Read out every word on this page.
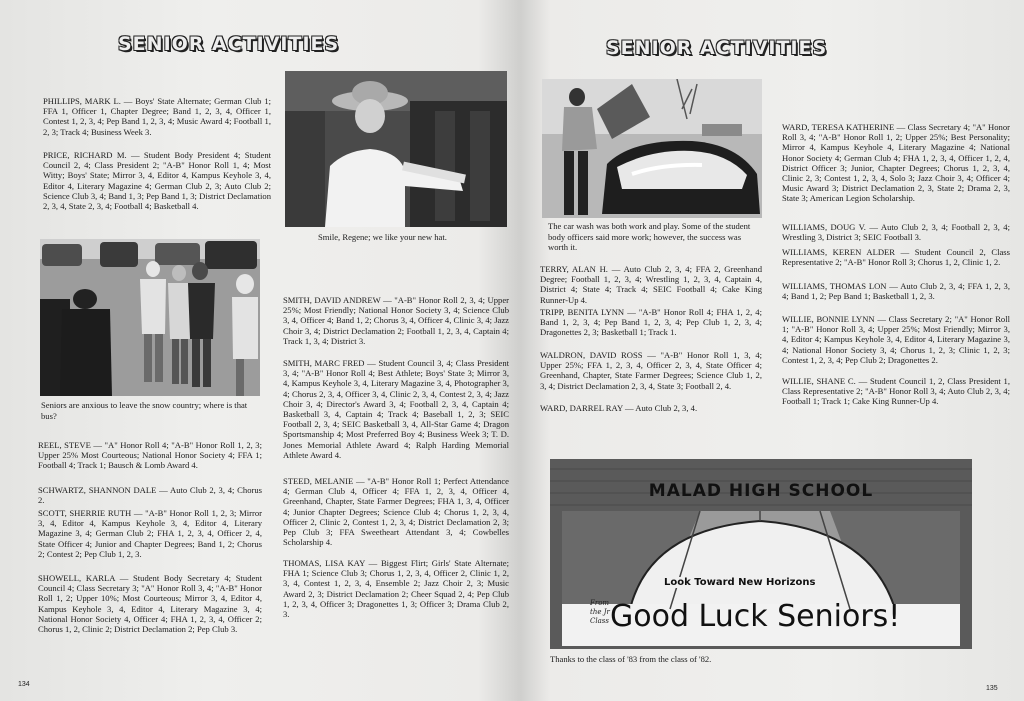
SENIOR ACTIVITIES
PHILLIPS, MARK L. — Boys' State Alternate; German Club 1; FFA 1, Officer 1, Chapter Degree; Band 1, 2, 3, 4, Officer 1, Contest 1, 2, 3, 4; Pep Band 1, 2, 3, 4; Music Award 4; Football 1, 2, 3; Track 4; Business Week 3.
PRICE, RICHARD M. — Student Body President 4; Student Council 2, 4; Class President 2; "A-B" Honor Roll 1, 4; Most Witty; Boys' State; Mirror 3, 4, Editor 4, Kampus Keyhole 3, 4, Editor 4, Literary Magazine 4; German Club 2, 3; Auto Club 2; Science Club 3, 4; Band 1, 3; Pep Band 1, 3; District Declamation 2, 3, 4, State 2, 3, 4; Football 4; Basketball 4.
Smile, Regene; we like your new hat.
Seniors are anxious to leave the snow country; where is that bus?
REEL, STEVE — "A" Honor Roll 4; "A-B" Honor Roll 1, 2, 3; Upper 25% Most Courteous; National Honor Society 4; FFA 1; Football 4; Track 1; Bausch & Lomb Award 4.
SCHWARTZ, SHANNON DALE — Auto Club 2, 3, 4; Chorus 2.
SCOTT, SHERRIE RUTH — "A-B" Honor Roll 1, 2, 3; Mirror 3, 4, Editor 4, Kampus Keyhole 3, 4, Editor 4, Literary Magazine 3, 4; German Club 2; FHA 1, 2, 3, 4, Officer 2, 4, State Officer 4; Junior and Chapter Degrees; Band 1, 2; Chorus 2; Contest 2; Pep Club 1, 2, 3.
SHOWELL, KARLA — Student Body Secretary 4; Student Council 4; Class Secretary 3; "A" Honor Roll 3, 4; "A-B" Honor Roll 1, 2; Upper 10%; Most Courteous; Mirror 3, 4, Editor 4, Kampus Keyhole 3, 4, Editor 4, Literary Magazine 3, 4; National Honor Society 4, Officer 4; FHA 1, 2, 3, 4, Officer 2; Chorus 1, 2, Clinic 2; District Declamation 2; Pep Club 3.
SMITH, DAVID ANDREW — "A-B" Honor Roll 2, 3, 4; Upper 25%; Most Friendly; National Honor Society 3, 4; Science Club 3, 4, Officer 4; Band 1, 2; Chorus 3, 4, Officer 4, Clinic 3, 4; Jazz Choir 3, 4; District Declamation 2; Football 1, 2, 3, 4, Captain 4; Track 1, 3, 4; District 3.
SMITH, MARC FRED — Student Council 3, 4; Class President 3, 4; "A-B" Honor Roll 4; Best Athlete; Boys' State 3; Mirror 3, 4, Kampus Keyhole 3, 4, Literary Magazine 3, 4, Photographer 3, 4; Chorus 2, 3, 4, Officer 3, 4, Clinic 2, 3, 4, Contest 2, 3, 4; Jazz Choir 3, 4; Director's Award 3, 4; Football 2, 3, 4, Captain 4; Basketball 3, 4, Captain 4; Track 4; Baseball 1, 2, 3; SEIC Football 2, 3, 4; SEIC Basketball 3, 4, All-Star Game 4; Dragon Sportsmanship 4; Most Preferred Boy 4; Business Week 3; T. D. Jones Memorial Athlete Award 4; Ralph Harding Memorial Athlete Award 4.
STEED, MELANIE — "A-B" Honor Roll 1; Perfect Attendance 4; German Club 4, Officer 4; FFA 1, 2, 3, 4, Officer 4, Greenhand, Chapter, State Farmer Degrees; FHA 1, 3, 4, Officer 4; Junior Chapter Degrees; Science Club 4; Chorus 1, 2, 3, 4, Officer 2, Clinic 2, Contest 1, 2, 3, 4; District Declamation 2, 3; Pep Club 3; FFA Sweetheart Attendant 3, 4; Cowbelles Scholarship 4.
THOMAS, LISA KAY — Biggest Flirt; Girls' State Alternate; FHA 1; Science Club 3; Chorus 1, 2, 3, 4, Officer 2, Clinic 1, 2, 3, 4, Contest 1, 2, 3, 4, Ensemble 2; Jazz Choir 2, 3; Music Award 2, 3; District Declamation 2; Cheer Squad 2, 4; Pep Club 1, 2, 3, 4, Officer 3; Dragonettes 1, 3; Officer 3; Drama Club 2, 3.
134
SENIOR ACTIVITIES
The car wash was both work and play. Some of the student body officers said more work; however, the success was worth it.
TERRY, ALAN H. — Auto Club 2, 3, 4; FFA 2, Greenhand Degree; Football 1, 2, 3, 4; Wrestling 1, 2, 3, 4, Captain 4, District 4; State 4; Track 4; SEIC Football 4; Cake King Runner-Up 4.
TRIPP, BENITA LYNN — "A-B" Honor Roll 4; FHA 1, 2, 4; Band 1, 2, 3, 4; Pep Band 1, 2, 3, 4; Pep Club 1, 2, 3, 4; Dragonettes 2, 3; Basketball 1; Track 1.
WALDRON, DAVID ROSS — "A-B" Honor Roll 1, 3, 4; Upper 25%; FFA 1, 2, 3, 4, Officer 2, 3, 4, State Officer 4; Greenhand, Chapter, State Farmer Degrees; Science Club 1, 2, 3, 4; District Declamation 2, 3, 4, State 3; Football 2, 4.
WARD, DARREL RAY — Auto Club 2, 3, 4.
WARD, TERESA KATHERINE — Class Secretary 4; "A" Honor Roll 3, 4; "A-B" Honor Roll 1, 2; Upper 25%; Best Personality; Mirror 4, Kampus Keyhole 4, Literary Magazine 4; National Honor Society 4; German Club 4; FHA 1, 2, 3, 4, Officer 1, 2, 4, District Officer 3; Junior, Chapter Degrees; Chorus 1, 2, 3, 4, Clinic 2, 3; Contest 1, 2, 3, 4, Solo 3; Jazz Choir 3, 4; Officer 4; Music Award 3; District Declamation 2, 3, State 2; Drama 2, 3, State 3; American Legion Scholarship.
WILLIAMS, DOUG V. — Auto Club 2, 3, 4; Football 2, 3, 4; Wrestling 3, District 3; SEIC Football 3.
WILLIAMS, KEREN ALDER — Student Council 2, Class Representative 2; "A-B" Honor Roll 3; Chorus 1, 2, Clinic 1, 2.
WILLIAMS, THOMAS LON — Auto Club 2, 3, 4; FFA 1, 2, 3, 4; Band 1, 2; Pep Band 1; Basketball 1, 2, 3.
WILLIE, BONNIE LYNN — Class Secretary 2; "A" Honor Roll 1; "A-B" Honor Roll 3, 4; Upper 25%; Most Friendly; Mirror 3, 4, Editor 4; Kampus Keyhole 3, 4, Editor 4, Literary Magazine 3, 4; National Honor Society 3, 4; Chorus 1, 2, 3; Clinic 1, 2, 3; Contest 1, 2, 3, 4; Pep Club 2; Dragonettes 2.
WILLIE, SHANE C. — Student Council 1, 2, Class President 1, Class Representative 2; "A-B" Honor Roll 3, 4; Auto Club 2, 3, 4; Football 1; Track 1; Cake King Runner-Up 4.
MALAD HIGH SCHOOL
Look Toward New Horizons
From the Jr Class Good Luck Seniors!
Thanks to the class of '83 from the class of '82.
135
